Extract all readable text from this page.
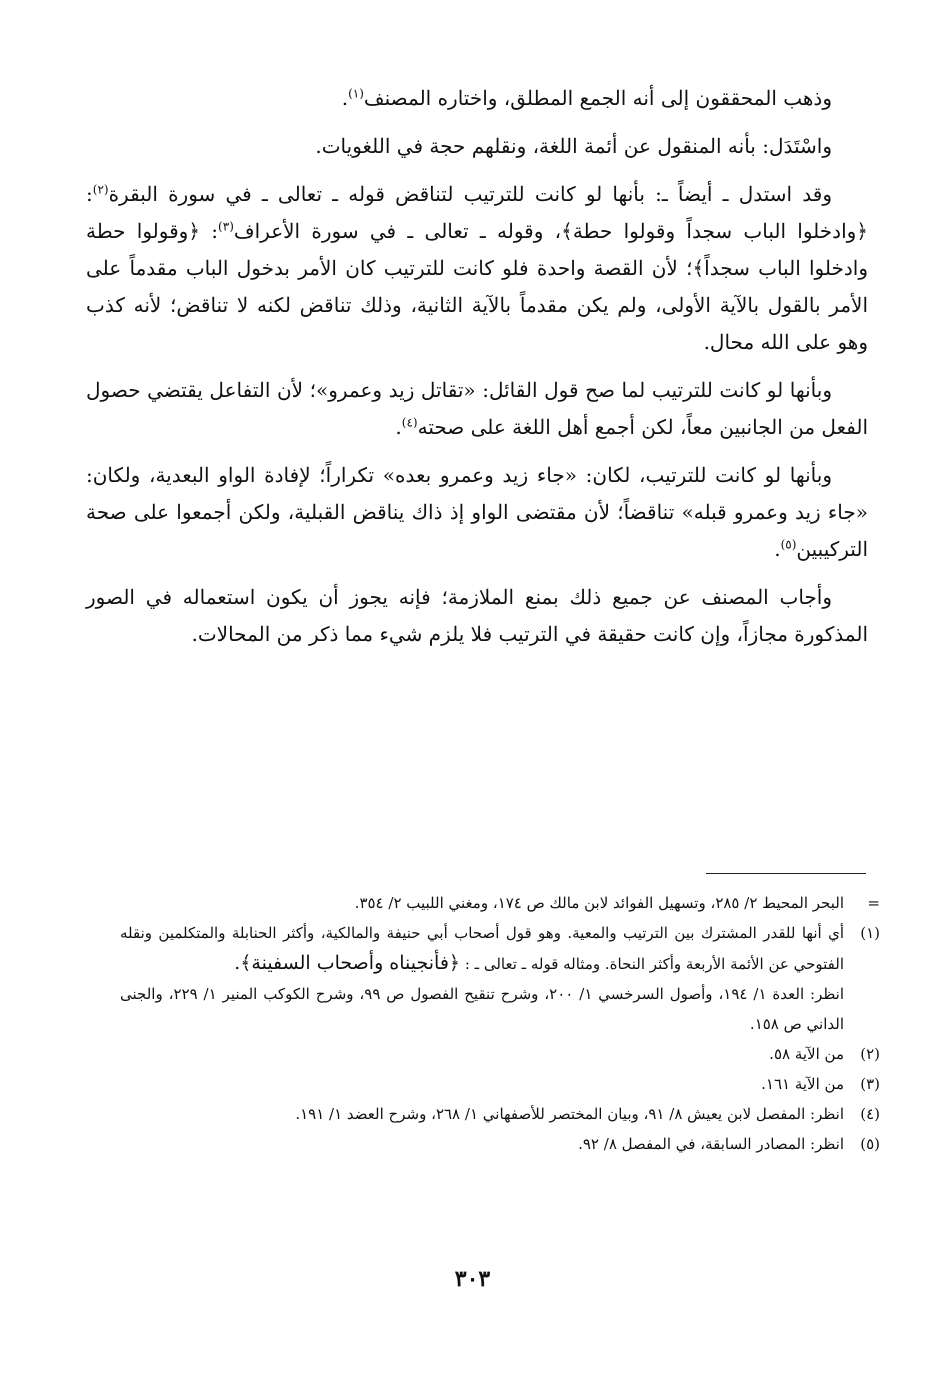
وذهب المحققون إلى أنه الجمع المطلق، واختاره المصنف$^{(١)}$.

واسْتَدَل: بأنه المنقول عن أئمة اللغة، ونقلهم حجة في اللغويات.

وقد استدل ـ أيضاً ـ: بأنها لو كانت للترتيب لتناقض قوله ـ تعالى ـ في سورة البقرة$^{(٢)}$: ﴿وادخلوا الباب سجداً وقولوا حطة﴾، وقوله ـ تعالى ـ في سورة الأعراف$^{(٣)}$: ﴿وقولوا حطة وادخلوا الباب سجداً﴾؛ لأن القصة واحدة فلو كانت للترتيب كان الأمر بدخول الباب مقدماً على الأمر بالقول بالآية الأولى، ولم يكن مقدماً بالآية الثانية، وذلك تناقض لكنه لا تناقض؛ لأنه كذب وهو على الله محال.

وبأنها لو كانت للترتيب لما صح قول القائل: «تقاتل زيد وعمرو»؛ لأن التفاعل يقتضي حصول الفعل من الجانبين معاً، لكن أجمع أهل اللغة على صحته$^{(٤)}$.

وبأنها لو كانت للترتيب، لكان: «جاء زيد وعمرو بعده» تكراراً؛ لإفادة الواو البعدية، ولكان: «جاء زيد وعمرو قبله» تناقضاً؛ لأن مقتضى الواو إذ ذاك يناقض القبلية، ولكن أجمعوا على صحة التركيبين$^{(٥)}$.

وأجاب المصنف عن جميع ذلك بمنع الملازمة؛ فإنه يجوز أن يكون استعماله في الصور المذكورة مجازاً، وإن كانت حقيقة في الترتيب فلا يلزم شيء مما ذكر من المحالات.

=
البحر المحيط ٢/ ٢٨٥، وتسهيل الفوائد لابن مالك ص ١٧٤، ومغني اللبيب ٢/ ٣٥٤.
(١)
أي أنها للقدر المشترك بين الترتيب والمعية. وهو قول أصحاب أبي حنيفة والمالكية، وأكثر الحنابلة والمتكلمين ونقله الفتوحي عن الأئمة الأربعة وأكثر النحاة. ومثاله قوله ـ تعالى ـ : ﴿فأنجيناه وأصحاب السفينة﴾.
انظر: العدة ١/ ١٩٤، وأصول السرخسي ١/ ٢٠٠، وشرح تنقيح الفصول ص ٩٩، وشرح الكوكب المنير ١/ ٢٢٩، والجنى الداني ص ١٥٨.
(٢)
من الآية ٥٨.
(٣)
من الآية ١٦١.
(٤)
انظر: المفصل لابن يعيش ٨/ ٩١، وبيان المختصر للأصفهاني ١/ ٢٦٨، وشرح العضد ١/ ١٩١.
(٥)
انظر: المصادر السابقة، في المفصل ٨/ ٩٢.
٣٠٣
